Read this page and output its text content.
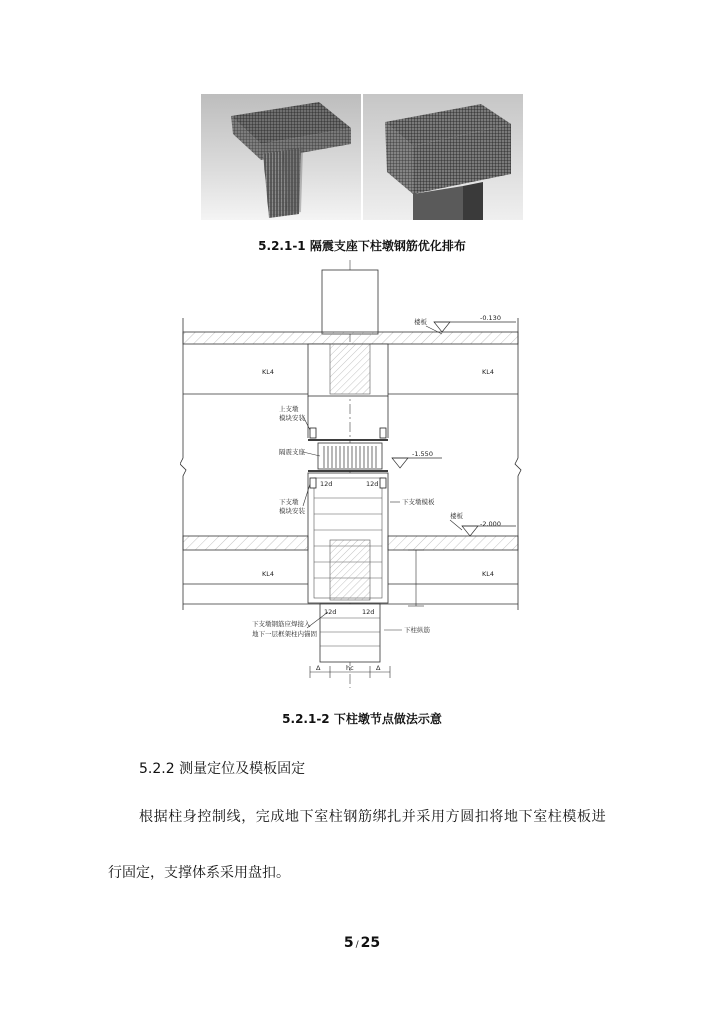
5.2.1-1 隔震支座下柱墩钢筋优化排布
楼板	-0.130
KL4	KL4
上支墩
模块安装
隔震支座	-1.550
12d	12d
下支墩
模块安装
下支墩模板
楼板
-2.000
KL4	KL4
12d	12d
下支墩钢筋应焊接入
地下一层框架柱内锚固	下柱纵筋
hc
Δ	Δ
5.2.1-2 下柱墩节点做法示意
5.2.2 测量定位及模板固定
根据柱身控制线，完成地下室柱钢筋绑扎并采用方圆扣将地下室柱模板进
行固定，支撑体系采用盘扣。
5 / 25
